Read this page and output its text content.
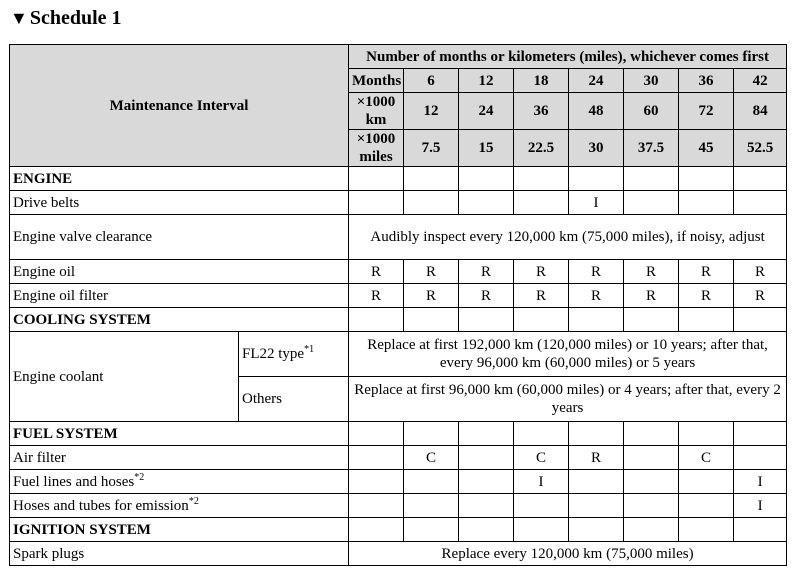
▼ Schedule 1
Maintenance Interval		Number of months or kilometers (miles), whichever comes first								
		Months	6	12	18	24	30	36	42	
		×1000 km	12	24	36	48	60	72	84	
		×1000 miles	7.5	15	22.5	30	37.5	45	52.5	
ENGINE										
Drive belts						I				
Engine valve clearance		Audibly inspect every 120,000 km (75,000 miles), if noisy, adjust								
Engine oil		R	R	R	R	R	R	R	R	
Engine oil filter		R	R	R	R	R	R	R	R	
COOLING SYSTEM										
Engine coolant	FL22 type$^{*1}$	Replace at first 192,000 km (120,000 miles) or 10 years; after that, every 96,000 km (60,000 miles) or 5 years								
	Others	Replace at first 96,000 km (60,000 miles) or 4 years; after that, every 2 years								
FUEL SYSTEM										
Air filter			C		C	R		C		
Fuel lines and hoses$^{*2}$					I				I	
Hoses and tubes for emission$^{*2}$									I	
IGNITION SYSTEM										
Spark plugs		Replace every 120,000 km (75,000 miles)								
